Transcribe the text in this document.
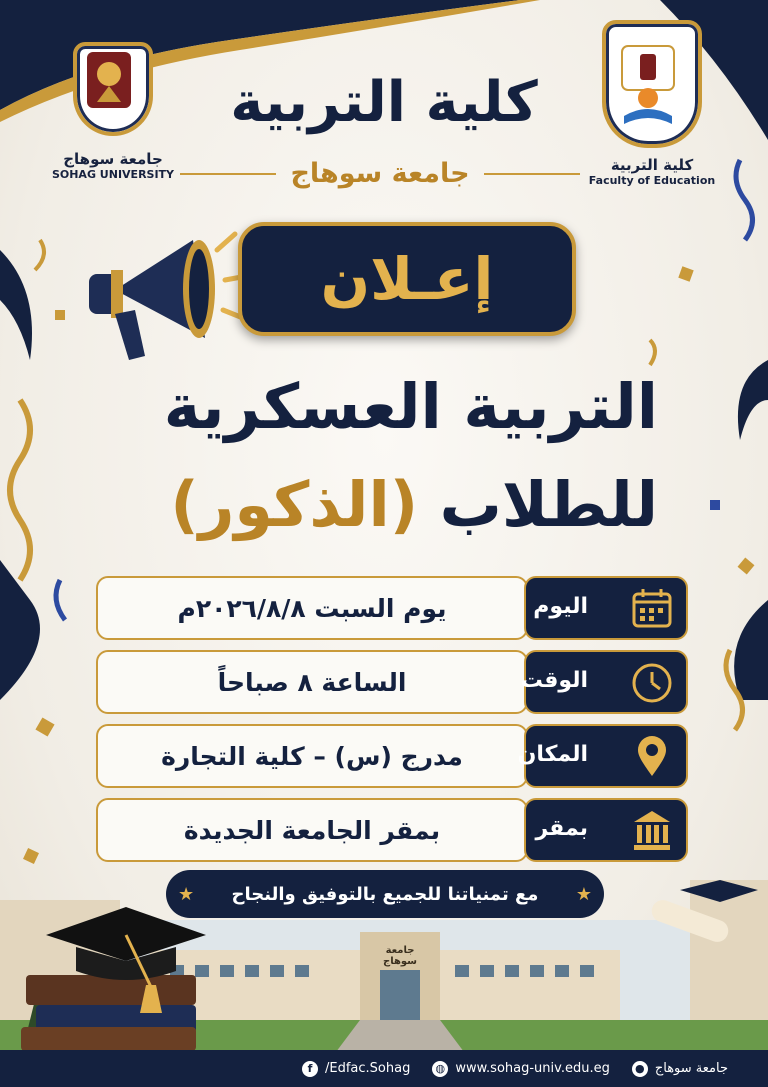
جامعة سوهاج
SOHAG UNIVERSITY
كلية التربية
Faculty of Education
كلية التربية
جامعة سوهاج
إعـلان
التربية العسكرية
للطلاب (الذكور)
يوم السبت ٢٠٢٦/٨/٨م	اليوم
الساعة ٨ صباحاً	الوقت
مدرج (س) – كلية التجارة	المكان
بمقر الجامعة الجديدة	بمقر
جامعة سوهاج
★ مع تمنياتنا للجميع بالتوفيق والنجاح ★
f /Edfac.Sohag ◍ www.sohag-univ.edu.eg ● جامعة سوهاج
